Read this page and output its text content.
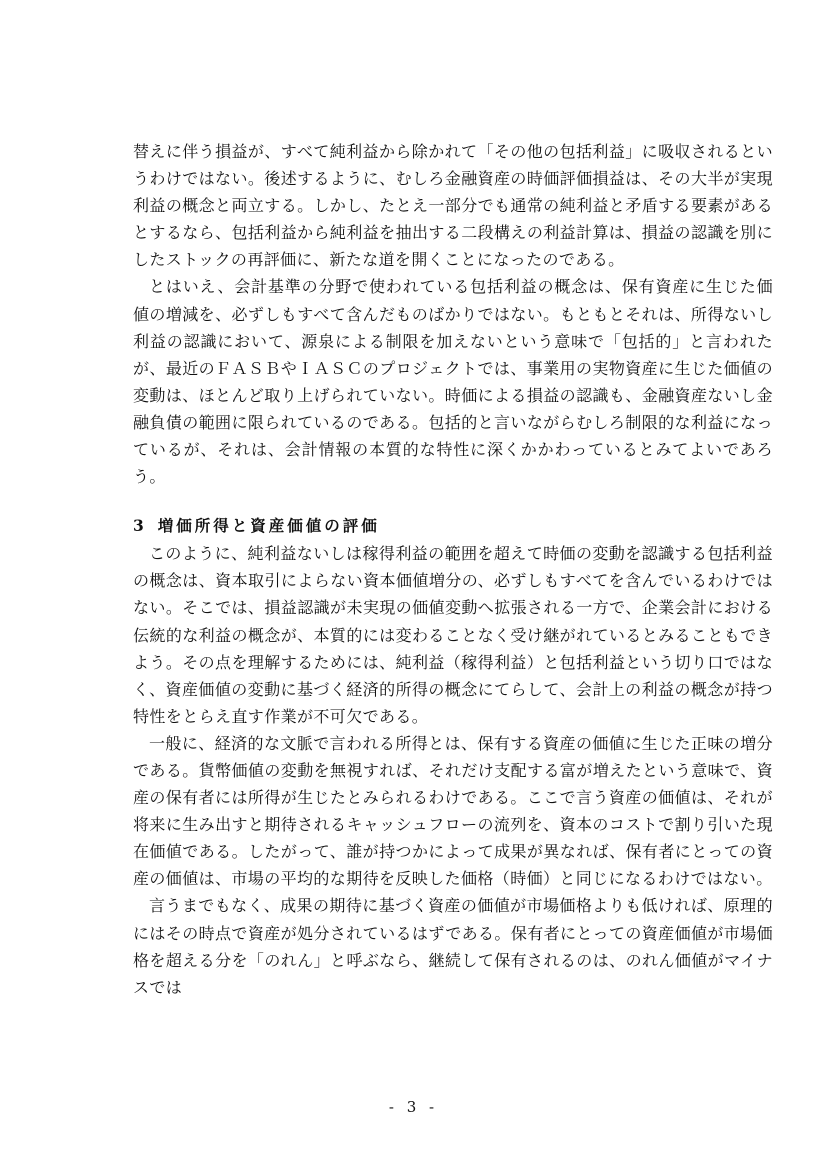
替えに伴う損益が、すべて純利益から除かれて「その他の包括利益」に吸収されるというわけではない。後述するように、むしろ金融資産の時価評価損益は、その大半が実現利益の概念と両立する。しかし、たとえ一部分でも通常の純利益と矛盾する要素があるとするなら、包括利益から純利益を抽出する二段構えの利益計算は、損益の認識を別にしたストックの再評価に、新たな道を開くことになったのである。

とはいえ、会計基準の分野で使われている包括利益の概念は、保有資産に生じた価値の増減を、必ずしもすべて含んだものばかりではない。もともとそれは、所得ないし利益の認識において、源泉による制限を加えないという意味で「包括的」と言われたが、最近のＦＡＳＢやＩＡＳＣのプロジェクトでは、事業用の実物資産に生じた価値の変動は、ほとんど取り上げられていない。時価による損益の認識も、金融資産ないし金融負債の範囲に限られているのである。包括的と言いながらむしろ制限的な利益になっているが、それは、会計情報の本質的な特性に深くかかわっているとみてよいであろう。

3 増価所得と資産価値の評価

このように、純利益ないしは稼得利益の範囲を超えて時価の変動を認識する包括利益の概念は、資本取引によらない資本価値増分の、必ずしもすべてを含んでいるわけではない。そこでは、損益認識が未実現の価値変動へ拡張される一方で、企業会計における伝統的な利益の概念が、本質的には変わることなく受け継がれているとみることもできよう。その点を理解するためには、純利益（稼得利益）と包括利益という切り口ではなく、資産価値の変動に基づく経済的所得の概念にてらして、会計上の利益の概念が持つ特性をとらえ直す作業が不可欠である。

一般に、経済的な文脈で言われる所得とは、保有する資産の価値に生じた正味の増分である。貨幣価値の変動を無視すれば、それだけ支配する富が増えたという意味で、資産の保有者には所得が生じたとみられるわけである。ここで言う資産の価値は、それが将来に生み出すと期待されるキャッシュフローの流列を、資本のコストで割り引いた現在価値である。したがって、誰が持つかによって成果が異なれば、保有者にとっての資産の価値は、市場の平均的な期待を反映した価格（時価）と同じになるわけではない。

言うまでもなく、成果の期待に基づく資産の価値が市場価格よりも低ければ、原理的にはその時点で資産が処分されているはずである。保有者にとっての資産価値が市場価格を超える分を「のれん」と呼ぶなら、継続して保有されるのは、のれん価値がマイナスでは

- 3 -
